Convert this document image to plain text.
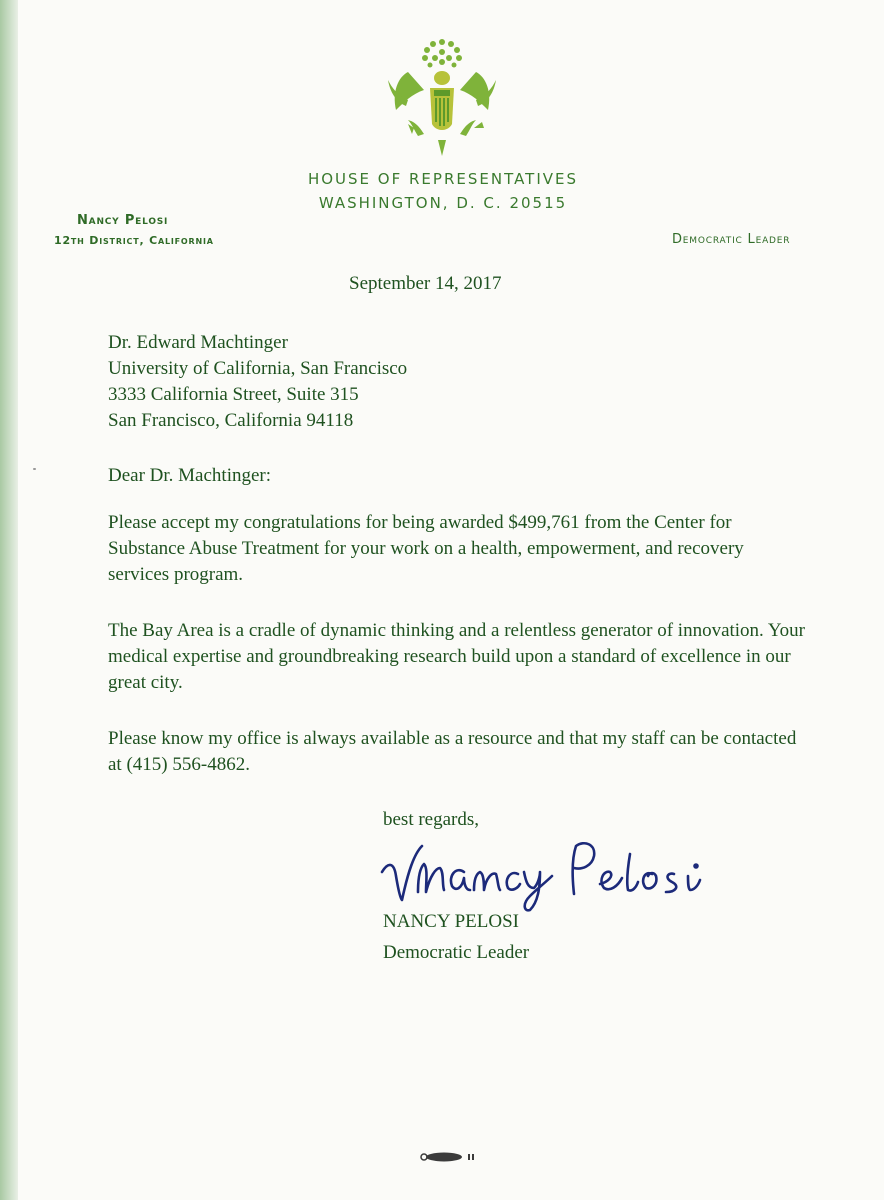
HOUSE OF REPRESENTATIVES
WASHINGTON, D. C. 20515
Nancy Pelosi
12th District, California	Democratic Leader
September 14, 2017
Dr. Edward Machtinger
University of California, San Francisco
3333 California Street, Suite 315
San Francisco, California 94118
Dear Dr. Machtinger:
Please accept my congratulations for being awarded $499,761 from the Center for Substance Abuse Treatment for your work on a health, empowerment, and recovery services program.
The Bay Area is a cradle of dynamic thinking and a relentless generator of innovation. Your medical expertise and groundbreaking research build upon a standard of excellence in our great city.
Please know my office is always available as a resource and that my staff can be contacted at (415) 556-4862.
best regards,
NANCY PELOSI
Democratic Leader
